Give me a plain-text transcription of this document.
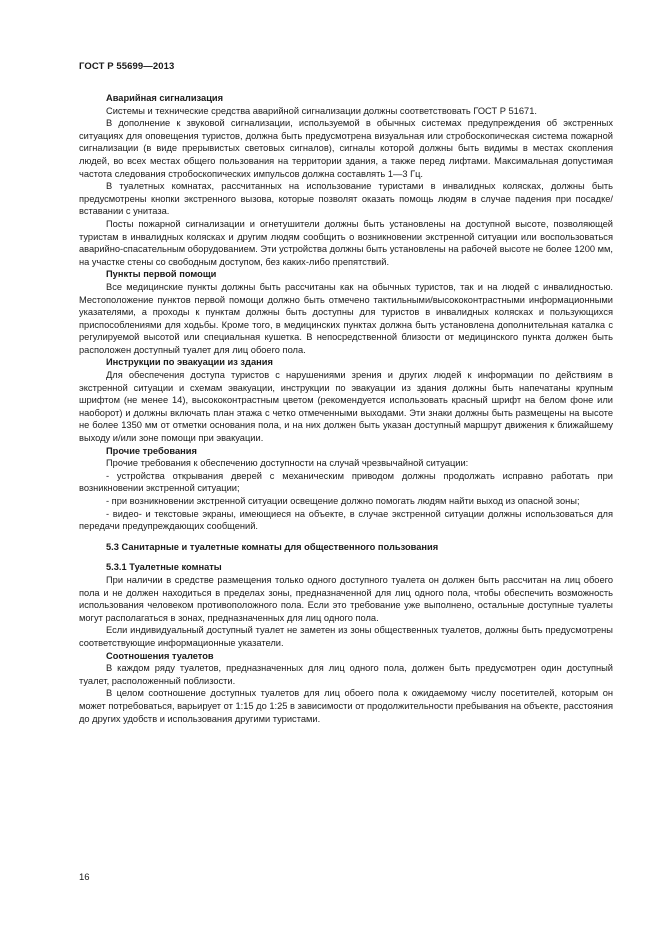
ГОСТ Р 55699—2013

Аварийная сигнализация

Системы и технические средства аварийной сигнализации должны соответствовать ГОСТ Р 51671.

В дополнение к звуковой сигнализации, используемой в обычных системах предупреждения об экстренных ситуациях для оповещения туристов, должна быть предусмотрена визуальная или стробоскопическая система пожарной сигнализации (в виде прерывистых световых сигналов), сигналы которой должны быть видимы в местах скопления людей, во всех местах общего пользования на территории здания, а также перед лифтами. Максимальная допустимая частота следования стробоскопических импульсов должна составлять 1—3 Гц.

В туалетных комнатах, рассчитанных на использование туристами в инвалидных колясках, должны быть предусмотрены кнопки экстренного вызова, которые позволят оказать помощь людям в случае падения при посадке/вставании с унитаза.

Посты пожарной сигнализации и огнетушители должны быть установлены на доступной высоте, позволяющей туристам в инвалидных колясках и другим людям сообщить о возникновении экстренной ситуации или воспользоваться аварийно-спасательным оборудованием. Эти устройства должны быть установлены на рабочей высоте не более 1200 мм, на участке стены со свободным доступом, без каких-либо препятствий.

Пункты первой помощи

Все медицинские пункты должны быть рассчитаны как на обычных туристов, так и на людей с инвалидностью. Местоположение пунктов первой помощи должно быть отмечено тактильными/высококонтрастными информационными указателями, а проходы к пунктам должны быть доступны для туристов в инвалидных колясках и пользующихся приспособлениями для ходьбы. Кроме того, в медицинских пунктах должна быть установлена дополнительная каталка с регулируемой высотой или специальная кушетка. В непосредственной близости от медицинского пункта должен быть расположен доступный туалет для лиц обоего пола.

Инструкции по эвакуации из здания

Для обеспечения доступа туристов с нарушениями зрения и других людей к информации по действиям в экстренной ситуации и схемам эвакуации, инструкции по эвакуации из здания должны быть напечатаны крупным шрифтом (не менее 14), высококонтрастным цветом (рекомендуется использовать красный шрифт на белом фоне или наоборот) и должны включать план этажа с четко отмеченными выходами. Эти знаки должны быть размещены на высоте не более 1350 мм от отметки основания пола, и на них должен быть указан доступный маршрут движения к ближайшему выходу и/или зоне помощи при эвакуации.

Прочие требования

Прочие требования к обеспечению доступности на случай чрезвычайной ситуации:

- устройства открывания дверей с механическим приводом должны продолжать исправно работать при возникновении экстренной ситуации;

- при возникновении экстренной ситуации освещение должно помогать людям найти выход из опасной зоны;

- видео- и текстовые экраны, имеющиеся на объекте, в случае экстренной ситуации должны использоваться для передачи предупреждающих сообщений.

5.3 Санитарные и туалетные комнаты для общественного пользования

5.3.1 Туалетные комнаты

При наличии в средстве размещения только одного доступного туалета он должен быть рассчитан на лиц обоего пола и не должен находиться в пределах зоны, предназначенной для лиц одного пола, чтобы обеспечить возможность использования человеком противоположного пола. Если это требование уже выполнено, остальные доступные туалеты могут располагаться в зонах, предназначенных для лиц одного пола.

Если индивидуальный доступный туалет не заметен из зоны общественных туалетов, должны быть предусмотрены соответствующие информационные указатели.

Соотношения туалетов

В каждом ряду туалетов, предназначенных для лиц одного пола, должен быть предусмотрен один доступный туалет, расположенный поблизости.

В целом соотношение доступных туалетов для лиц обоего пола к ожидаемому числу посетителей, которым он может потребоваться, варьирует от 1:15 до 1:25 в зависимости от продолжительности пребывания на объекте, расстояния до других удобств и использования другими туристами.

16
